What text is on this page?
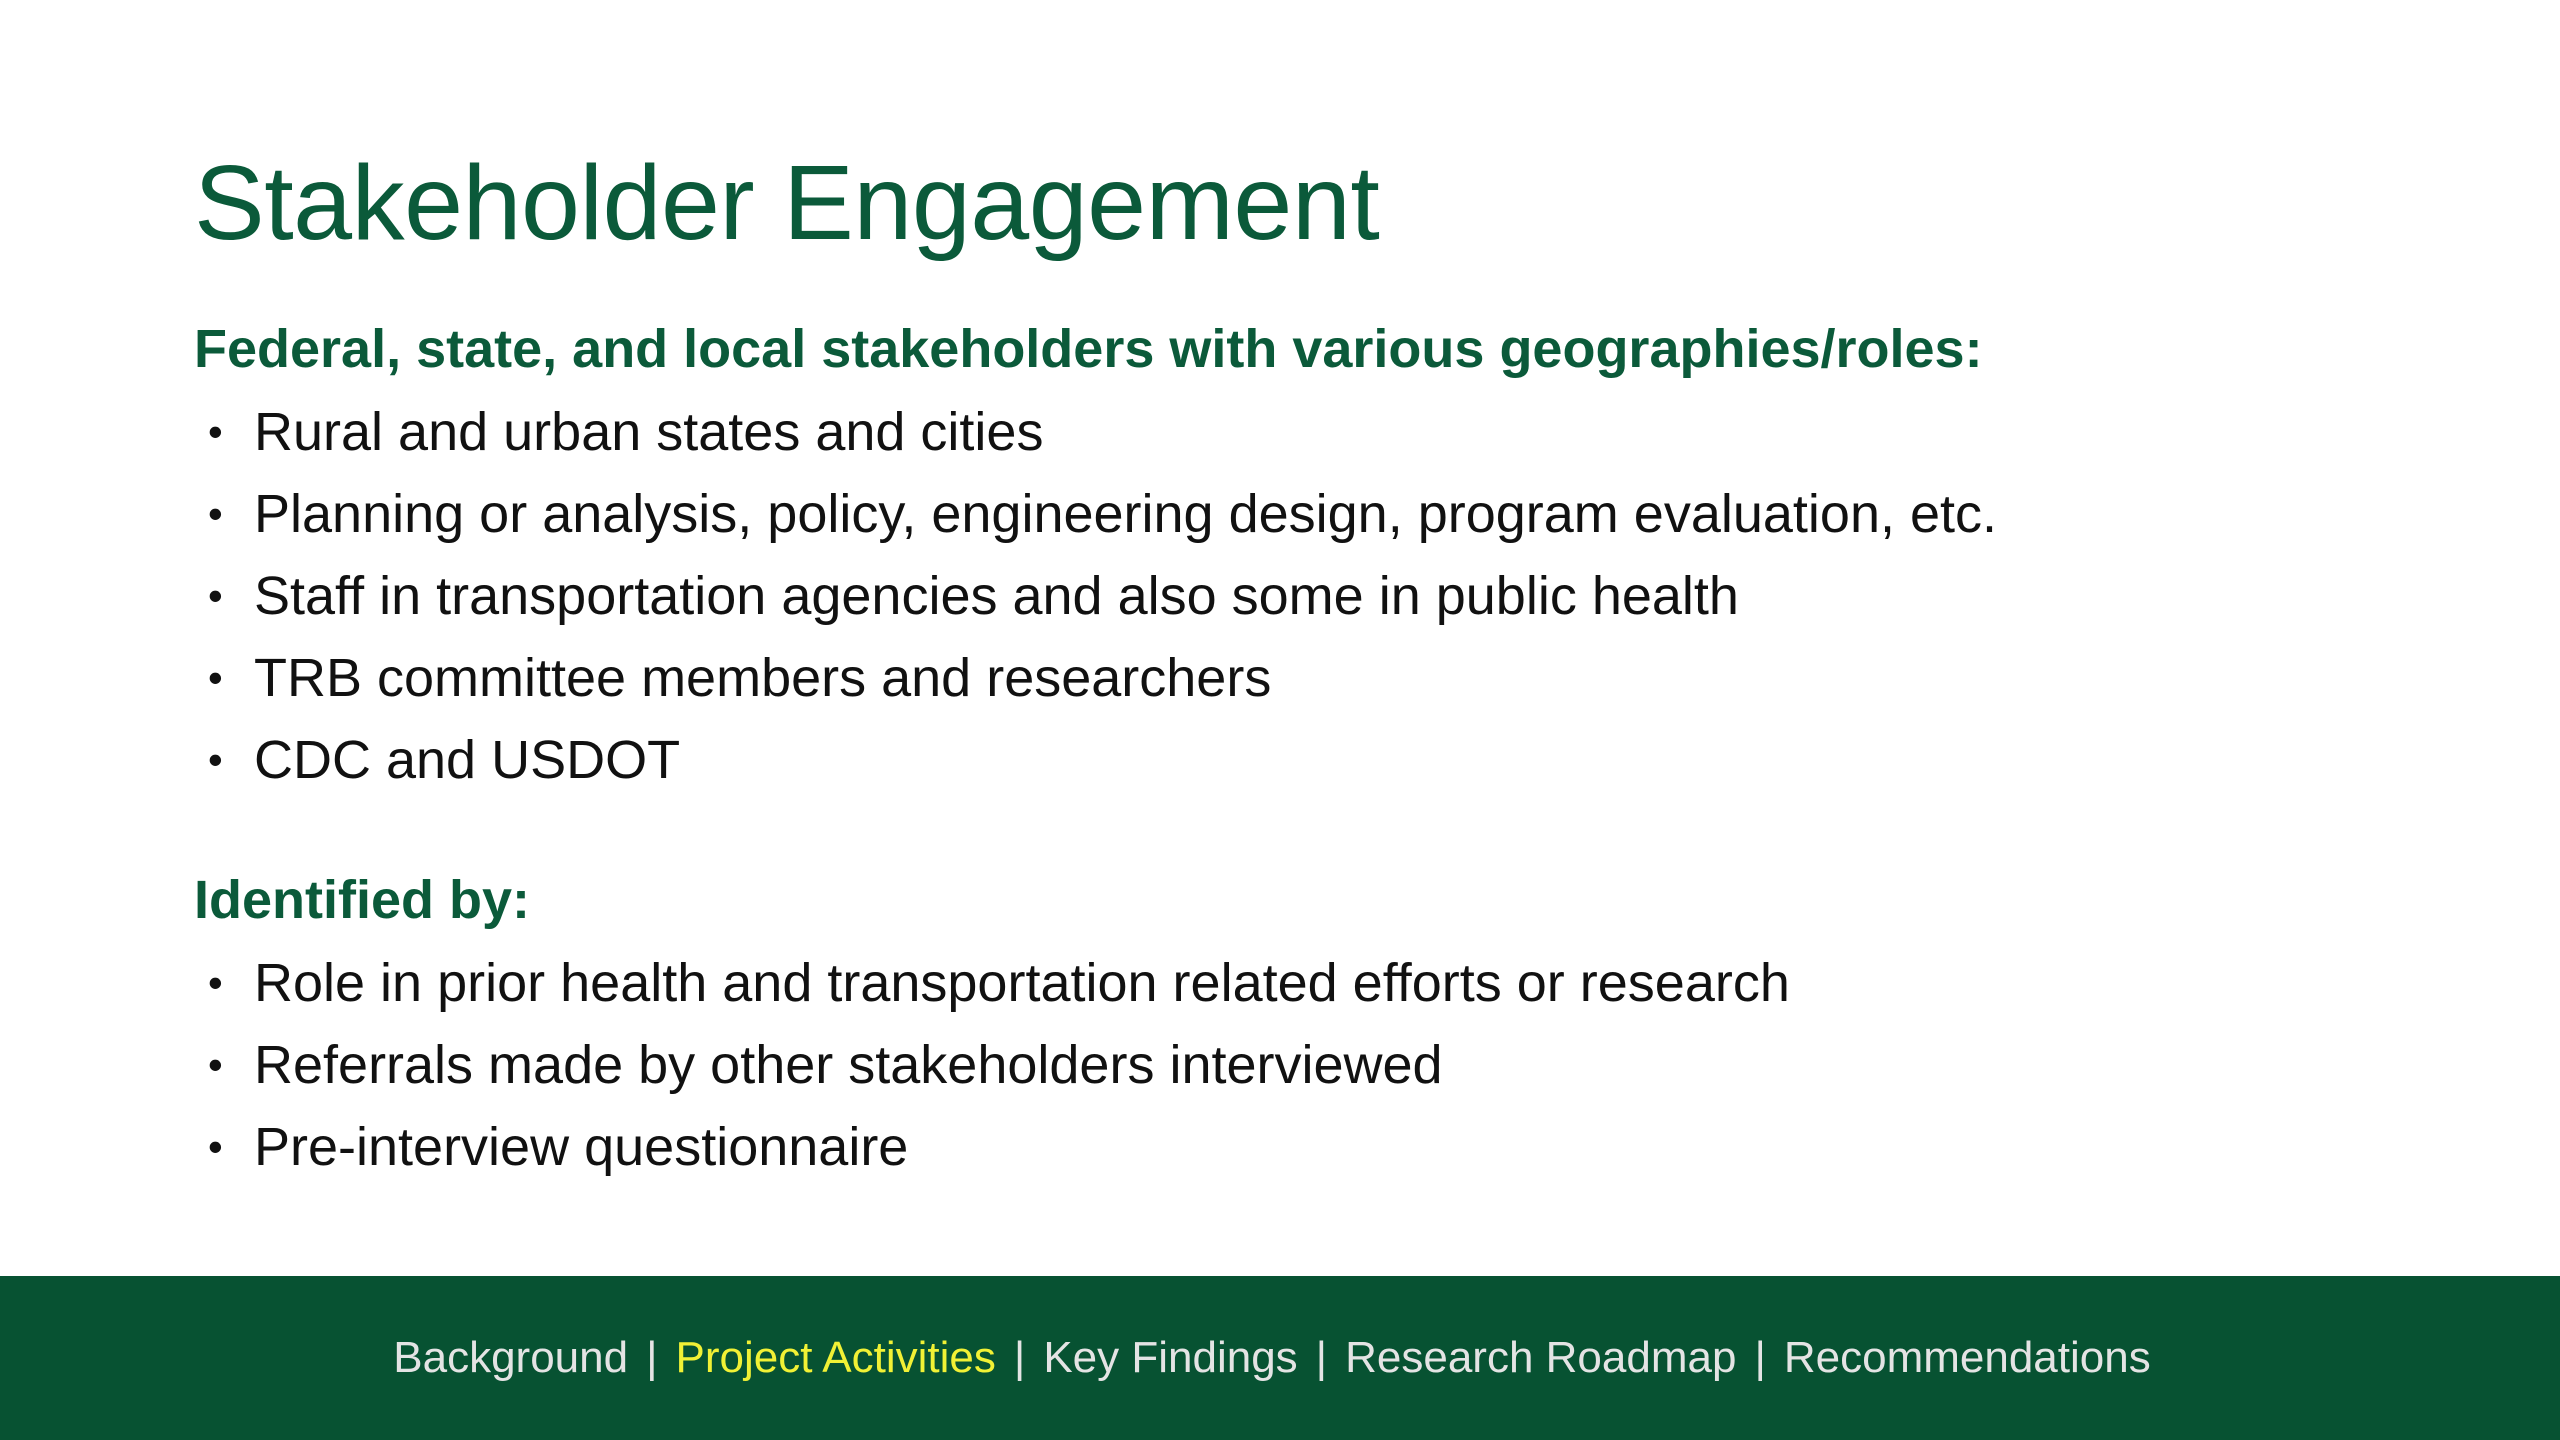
Stakeholder Engagement
Federal, state, and local stakeholders with various geographies/roles:
• Rural and urban states and cities
• Planning or analysis, policy, engineering design, program evaluation, etc.
• Staff in transportation agencies and also some in public health
• TRB committee members and researchers
• CDC and USDOT
Identified by:
• Role in prior health and transportation related efforts or research
• Referrals made by other stakeholders interviewed
• Pre-interview questionnaire
Background | Project Activities | Key Findings | Research Roadmap | Recommendations
